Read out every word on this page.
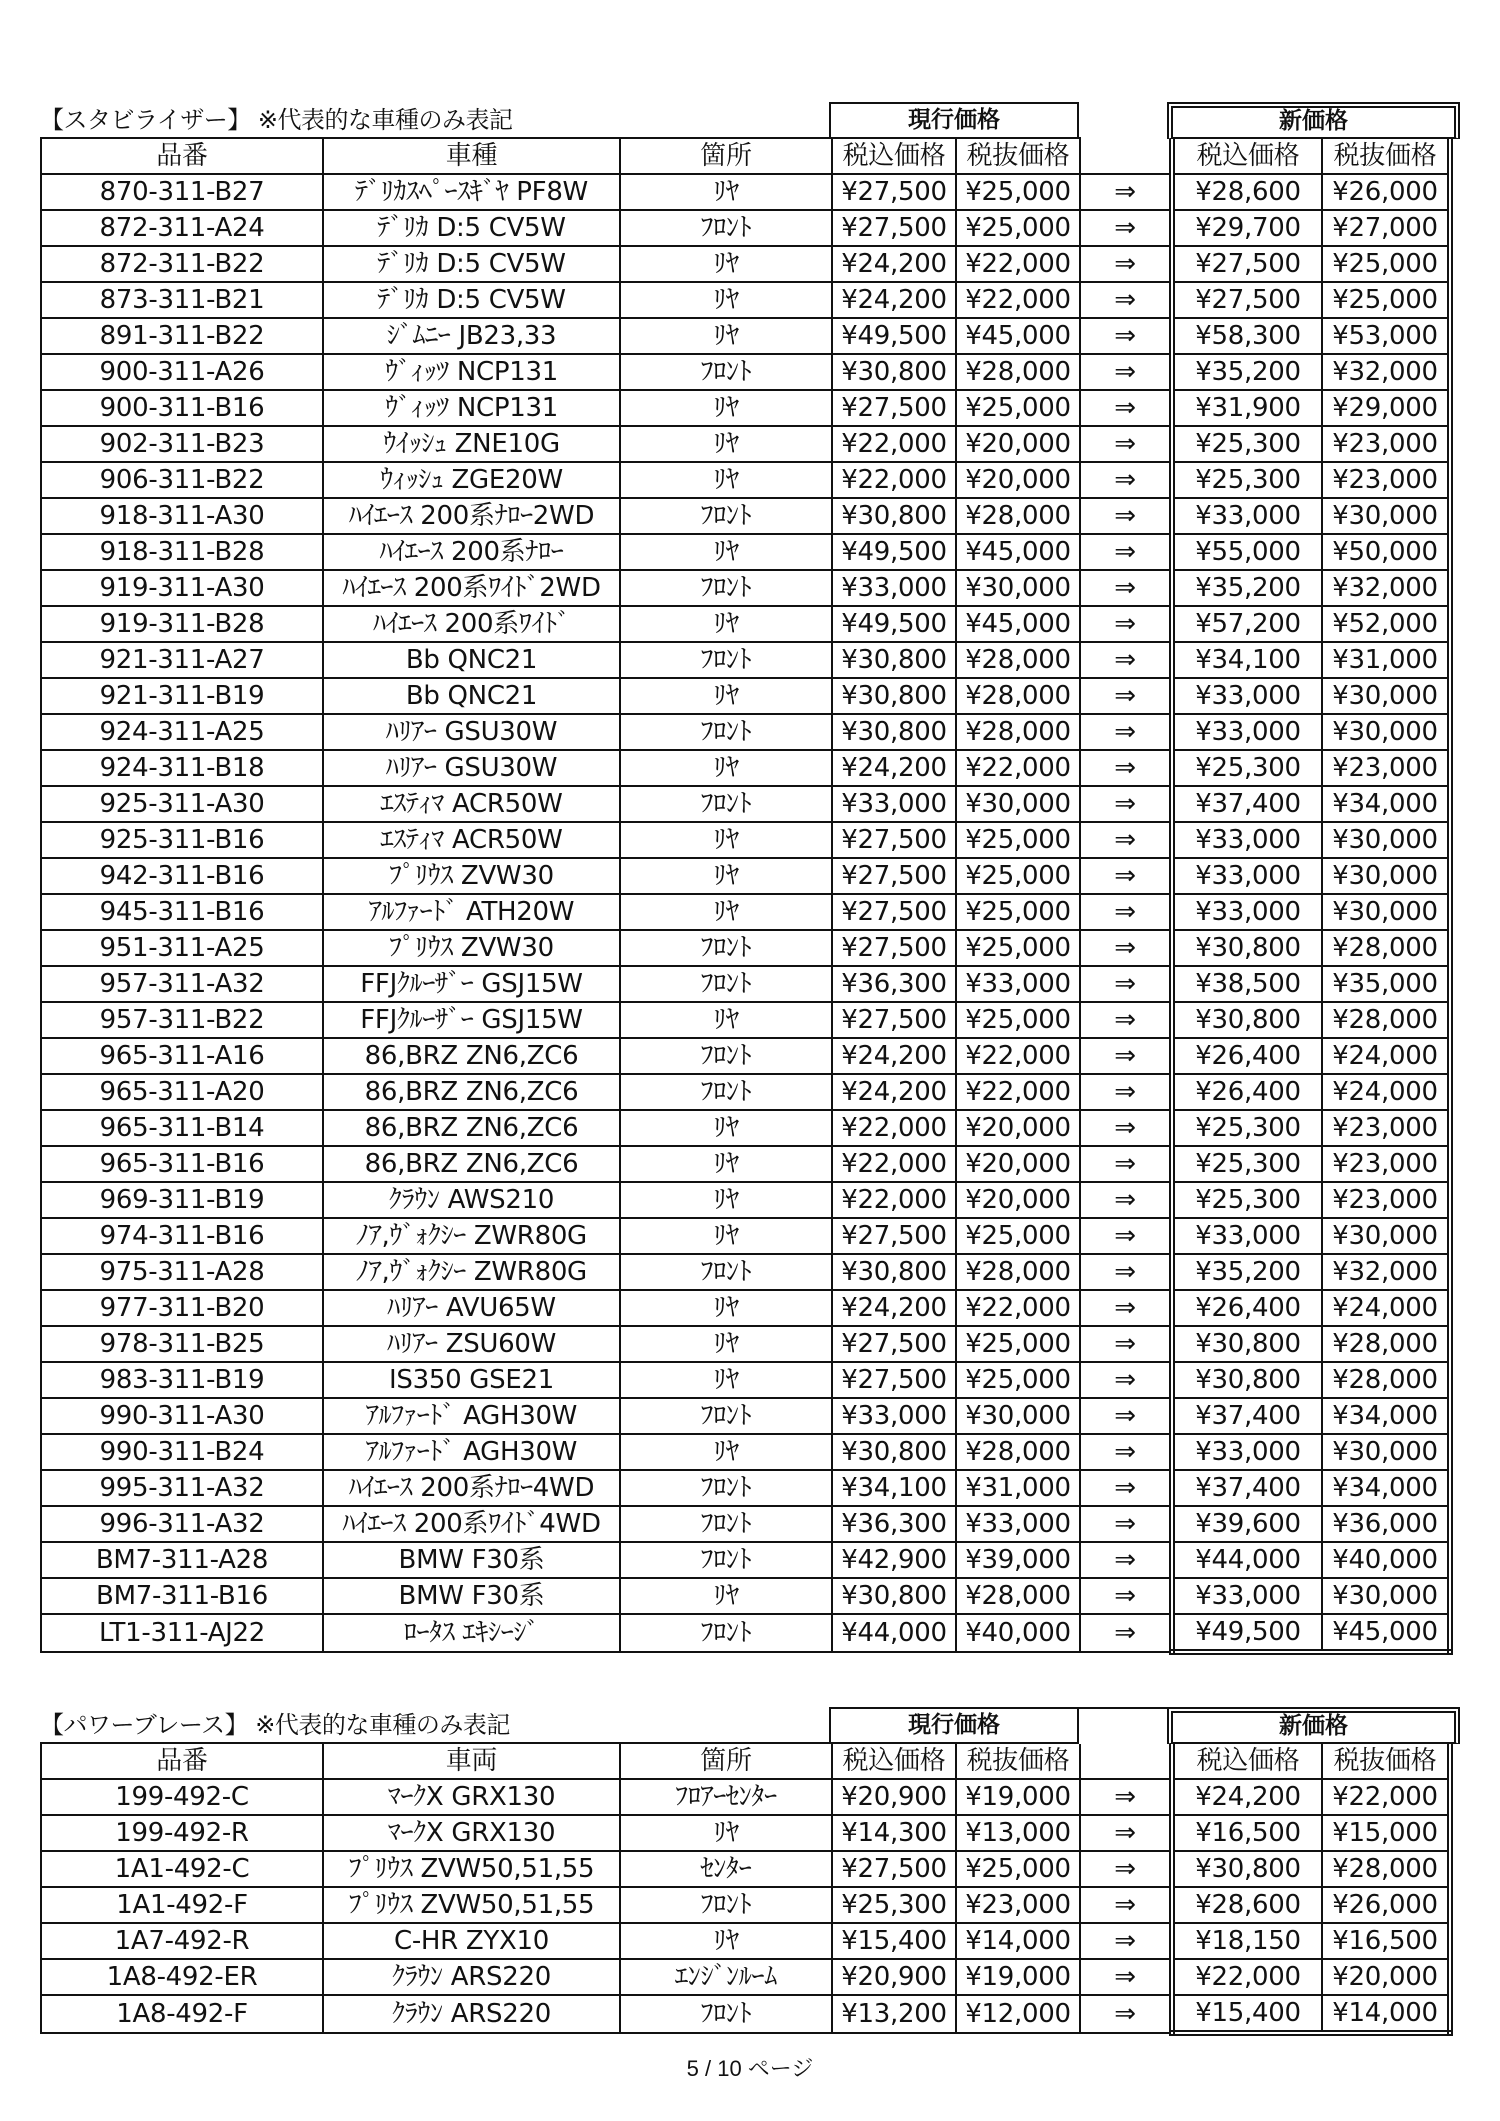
【スタビライザー】 ※代表的な車種のみ表記	現行価格	新価格
品番	車種	箇所	税込価格	税抜価格		税込価格	税抜価格
870-311-B27	ﾃﾞﾘｶｽﾍﾟｰｽｷﾞﾔ PF8W	ﾘﾔ	¥27,500	¥25,000	⇒	¥28,600	¥26,000
872-311-A24	ﾃﾞﾘｶ D:5 CV5W	ﾌﾛﾝﾄ	¥27,500	¥25,000	⇒	¥29,700	¥27,000
872-311-B22	ﾃﾞﾘｶ D:5 CV5W	ﾘﾔ	¥24,200	¥22,000	⇒	¥27,500	¥25,000
873-311-B21	ﾃﾞﾘｶ D:5 CV5W	ﾘﾔ	¥24,200	¥22,000	⇒	¥27,500	¥25,000
891-311-B22	ｼﾞﾑﾆｰ JB23,33	ﾘﾔ	¥49,500	¥45,000	⇒	¥58,300	¥53,000
900-311-A26	ｳﾞｨｯﾂ NCP131	ﾌﾛﾝﾄ	¥30,800	¥28,000	⇒	¥35,200	¥32,000
900-311-B16	ｳﾞｨｯﾂ NCP131	ﾘﾔ	¥27,500	¥25,000	⇒	¥31,900	¥29,000
902-311-B23	ｳｲｯｼｭ ZNE10G	ﾘﾔ	¥22,000	¥20,000	⇒	¥25,300	¥23,000
906-311-B22	ｳｨｯｼｭ ZGE20W	ﾘﾔ	¥22,000	¥20,000	⇒	¥25,300	¥23,000
918-311-A30	ﾊｲｴｰｽ 200系ﾅﾛｰ2WD	ﾌﾛﾝﾄ	¥30,800	¥28,000	⇒	¥33,000	¥30,000
918-311-B28	ﾊｲｴｰｽ 200系ﾅﾛｰ	ﾘﾔ	¥49,500	¥45,000	⇒	¥55,000	¥50,000
919-311-A30	ﾊｲｴｰｽ 200系ﾜｲﾄﾞ2WD	ﾌﾛﾝﾄ	¥33,000	¥30,000	⇒	¥35,200	¥32,000
919-311-B28	ﾊｲｴｰｽ 200系ﾜｲﾄﾞ	ﾘﾔ	¥49,500	¥45,000	⇒	¥57,200	¥52,000
921-311-A27	Bb QNC21	ﾌﾛﾝﾄ	¥30,800	¥28,000	⇒	¥34,100	¥31,000
921-311-B19	Bb QNC21	ﾘﾔ	¥30,800	¥28,000	⇒	¥33,000	¥30,000
924-311-A25	ﾊﾘｱｰ GSU30W	ﾌﾛﾝﾄ	¥30,800	¥28,000	⇒	¥33,000	¥30,000
924-311-B18	ﾊﾘｱｰ GSU30W	ﾘﾔ	¥24,200	¥22,000	⇒	¥25,300	¥23,000
925-311-A30	ｴｽﾃｨﾏ ACR50W	ﾌﾛﾝﾄ	¥33,000	¥30,000	⇒	¥37,400	¥34,000
925-311-B16	ｴｽﾃｨﾏ ACR50W	ﾘﾔ	¥27,500	¥25,000	⇒	¥33,000	¥30,000
942-311-B16	ﾌﾟﾘｳｽ ZVW30	ﾘﾔ	¥27,500	¥25,000	⇒	¥33,000	¥30,000
945-311-B16	ｱﾙﾌｧｰﾄﾞ ATH20W	ﾘﾔ	¥27,500	¥25,000	⇒	¥33,000	¥30,000
951-311-A25	ﾌﾟﾘｳｽ ZVW30	ﾌﾛﾝﾄ	¥27,500	¥25,000	⇒	¥30,800	¥28,000
957-311-A32	FFJｸﾙｰｻﾞｰ GSJ15W	ﾌﾛﾝﾄ	¥36,300	¥33,000	⇒	¥38,500	¥35,000
957-311-B22	FFJｸﾙｰｻﾞｰ GSJ15W	ﾘﾔ	¥27,500	¥25,000	⇒	¥30,800	¥28,000
965-311-A16	86,BRZ ZN6,ZC6	ﾌﾛﾝﾄ	¥24,200	¥22,000	⇒	¥26,400	¥24,000
965-311-A20	86,BRZ ZN6,ZC6	ﾌﾛﾝﾄ	¥24,200	¥22,000	⇒	¥26,400	¥24,000
965-311-B14	86,BRZ ZN6,ZC6	ﾘﾔ	¥22,000	¥20,000	⇒	¥25,300	¥23,000
965-311-B16	86,BRZ ZN6,ZC6	ﾘﾔ	¥22,000	¥20,000	⇒	¥25,300	¥23,000
969-311-B19	ｸﾗｳﾝ AWS210	ﾘﾔ	¥22,000	¥20,000	⇒	¥25,300	¥23,000
974-311-B16	ﾉｱ,ｳﾞｫｸｼｰ ZWR80G	ﾘﾔ	¥27,500	¥25,000	⇒	¥33,000	¥30,000
975-311-A28	ﾉｱ,ｳﾞｫｸｼｰ ZWR80G	ﾌﾛﾝﾄ	¥30,800	¥28,000	⇒	¥35,200	¥32,000
977-311-B20	ﾊﾘｱｰ AVU65W	ﾘﾔ	¥24,200	¥22,000	⇒	¥26,400	¥24,000
978-311-B25	ﾊﾘｱｰ ZSU60W	ﾘﾔ	¥27,500	¥25,000	⇒	¥30,800	¥28,000
983-311-B19	IS350 GSE21	ﾘﾔ	¥27,500	¥25,000	⇒	¥30,800	¥28,000
990-311-A30	ｱﾙﾌｧｰﾄﾞ AGH30W	ﾌﾛﾝﾄ	¥33,000	¥30,000	⇒	¥37,400	¥34,000
990-311-B24	ｱﾙﾌｧｰﾄﾞ AGH30W	ﾘﾔ	¥30,800	¥28,000	⇒	¥33,000	¥30,000
995-311-A32	ﾊｲｴｰｽ 200系ﾅﾛｰ4WD	ﾌﾛﾝﾄ	¥34,100	¥31,000	⇒	¥37,400	¥34,000
996-311-A32	ﾊｲｴｰｽ 200系ﾜｲﾄﾞ4WD	ﾌﾛﾝﾄ	¥36,300	¥33,000	⇒	¥39,600	¥36,000
BM7-311-A28	BMW F30系	ﾌﾛﾝﾄ	¥42,900	¥39,000	⇒	¥44,000	¥40,000
BM7-311-B16	BMW F30系	ﾘﾔ	¥30,800	¥28,000	⇒	¥33,000	¥30,000
LT1-311-AJ22	ﾛｰﾀｽ ｴｷｼｰｼﾞ	ﾌﾛﾝﾄ	¥44,000	¥40,000	⇒	¥49,500	¥45,000
【パワーブレース】 ※代表的な車種のみ表記	現行価格	新価格
品番	車両	箇所	税込価格	税抜価格		税込価格	税抜価格
199-492-C	ﾏｰｸX GRX130	ﾌﾛｱｰｾﾝﾀｰ	¥20,900	¥19,000	⇒	¥24,200	¥22,000
199-492-R	ﾏｰｸX GRX130	ﾘﾔ	¥14,300	¥13,000	⇒	¥16,500	¥15,000
1A1-492-C	ﾌﾟﾘｳｽ ZVW50,51,55	ｾﾝﾀｰ	¥27,500	¥25,000	⇒	¥30,800	¥28,000
1A1-492-F	ﾌﾟﾘｳｽ ZVW50,51,55	ﾌﾛﾝﾄ	¥25,300	¥23,000	⇒	¥28,600	¥26,000
1A7-492-R	C-HR ZYX10	ﾘﾔ	¥15,400	¥14,000	⇒	¥18,150	¥16,500
1A8-492-ER	ｸﾗｳﾝ ARS220	ｴﾝｼﾞﾝﾙｰﾑ	¥20,900	¥19,000	⇒	¥22,000	¥20,000
1A8-492-F	ｸﾗｳﾝ ARS220	ﾌﾛﾝﾄ	¥13,200	¥12,000	⇒	¥15,400	¥14,000
5 / 10 ページ
